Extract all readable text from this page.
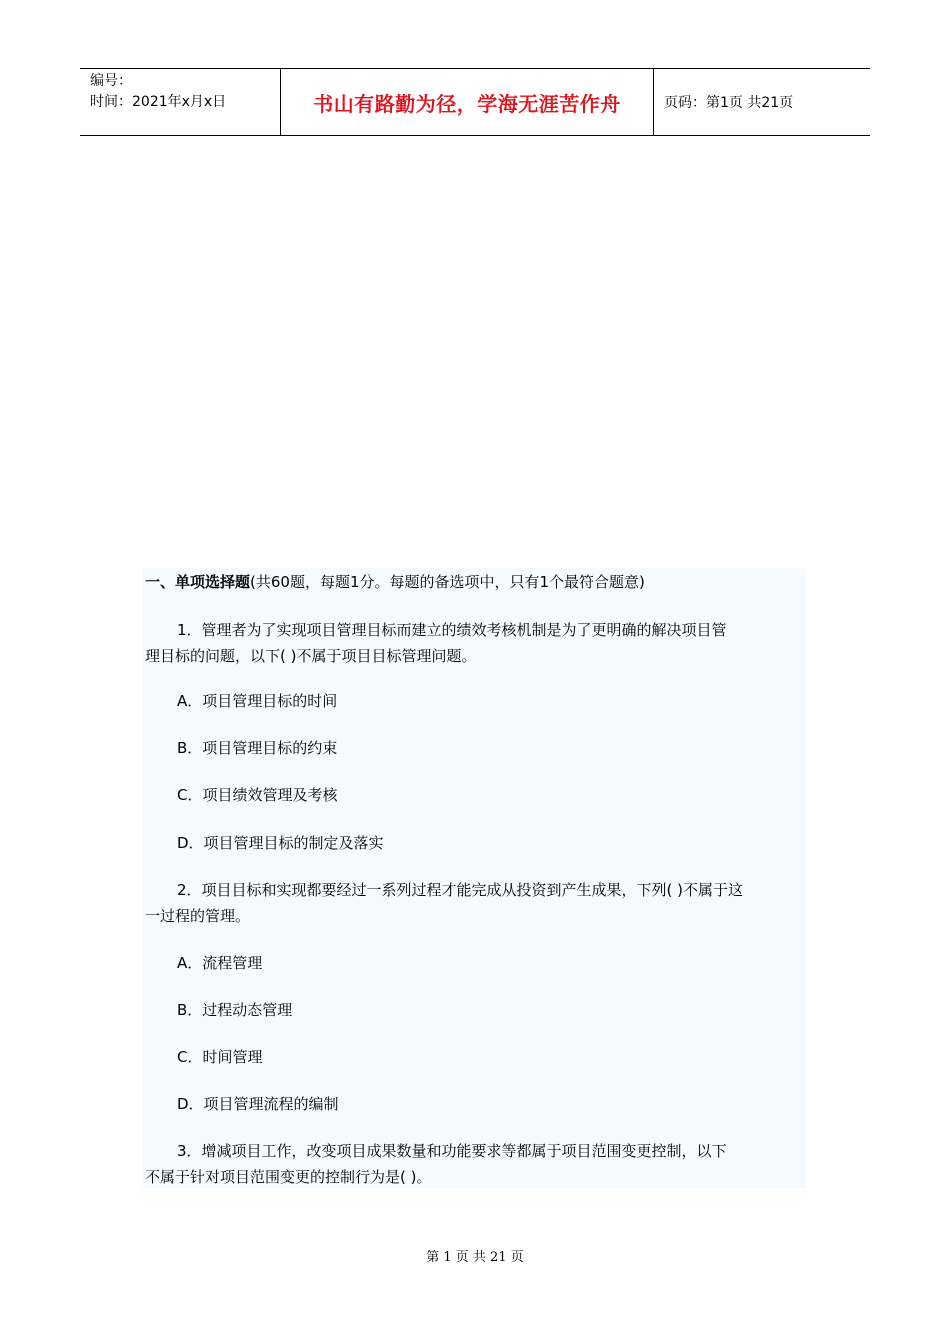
编号：
时间：2021年x月x日	书山有路勤为径，学海无涯苦作舟	页码：第1页 共21页
一、单项选择题(共60题，每题1分。每题的备选项中，只有1个最符合题意)
1．管理者为了实现项目管理目标而建立的绩效考核机制是为了更明确的解决项目管
理目标的问题，以下( )不属于项目目标管理问题。
A．项目管理目标的时间
B．项目管理目标的约束
C．项目绩效管理及考核
D．项目管理目标的制定及落实
2．项目目标和实现都要经过一系列过程才能完成从投资到产生成果，下列( )不属于这
一过程的管理。
A．流程管理
B．过程动态管理
C．时间管理
D．项目管理流程的编制
3．增减项目工作，改变项目成果数量和功能要求等都属于项目范围变更控制，以下
不属于针对项目范围变更的控制行为是( )。
第 1 页 共 21 页
